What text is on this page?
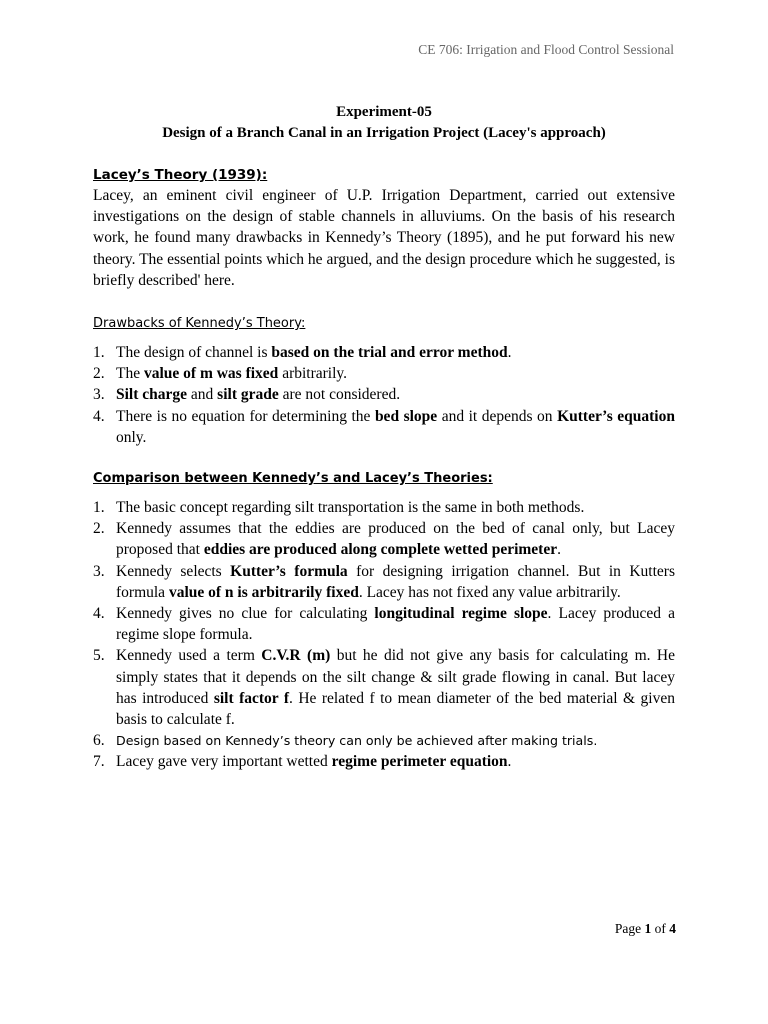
CE 706: Irrigation and Flood Control Sessional
Experiment-05
Design of a Branch Canal in an Irrigation Project (Lacey's approach)
Lacey’s Theory (1939):
Lacey, an eminent civil engineer of U.P. Irrigation Department, carried out extensive investigations on the design of stable channels in alluviums. On the basis of his research work, he found many drawbacks in Kennedy’s Theory (1895), and he put forward his new theory. The essential points which he argued, and the design procedure which he suggested, is briefly described' here.
Drawbacks of Kennedy’s Theory:
1. The design of channel is based on the trial and error method.
2. The value of m was fixed arbitrarily.
3. Silt charge and silt grade are not considered.
4. There is no equation for determining the bed slope and it depends on Kutter’s equation only.
Comparison between Kennedy’s and Lacey’s Theories:
1. The basic concept regarding silt transportation is the same in both methods.
2. Kennedy assumes that the eddies are produced on the bed of canal only, but Lacey proposed that eddies are produced along complete wetted perimeter.
3. Kennedy selects Kutter’s formula for designing irrigation channel. But in Kutters formula value of n is arbitrarily fixed. Lacey has not fixed any value arbitrarily.
4. Kennedy gives no clue for calculating longitudinal regime slope. Lacey produced a regime slope formula.
5. Kennedy used a term C.V.R (m) but he did not give any basis for calculating m. He simply states that it depends on the silt change & silt grade flowing in canal. But lacey has introduced silt factor f. He related f to mean diameter of the bed material & given basis to calculate f.
6. Design based on Kennedy’s theory can only be achieved after making trials.
7. Lacey gave very important wetted regime perimeter equation.
Page 1 of 4
